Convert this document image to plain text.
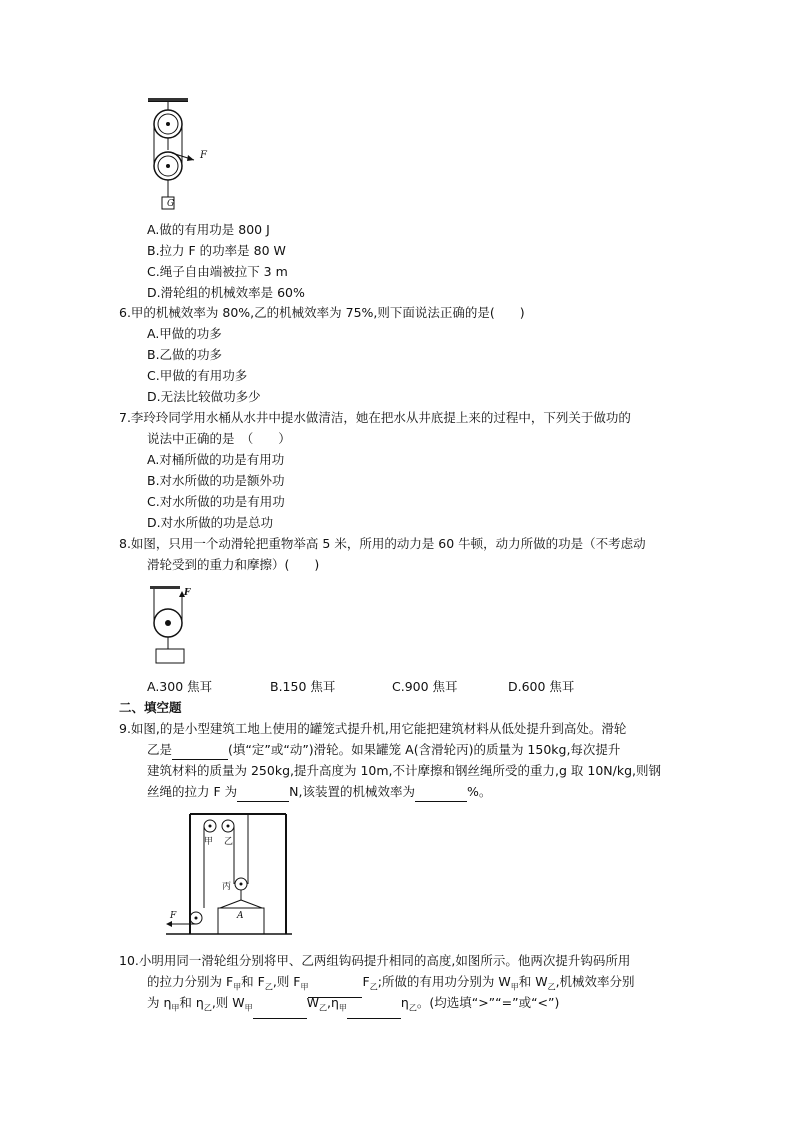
F
G
A.做的有用功是 800 J
B.拉力 F 的功率是 80 W
C.绳子自由端被拉下 3 m
D.滑轮组的机械效率是 60%
6.甲的机械效率为 80%,乙的机械效率为 75%,则下面说法正确的是(　　)
A.甲做的功多
B.乙做的功多
C.甲做的有用功多
D.无法比较做功多少
7.李玲玲同学用水桶从水井中提水做清洁，她在把水从井底提上来的过程中，下列关于做功的
说法中正确的是　（　　）
A.对桶所做的功是有用功
B.对水所做的功是额外功
C.对水所做的功是有用功
D.对水所做的功是总功
8.如图，只用一个动滑轮把重物举高 5 米，所用的动力是 60 牛顿，动力所做的功是（不考虑动
滑轮受到的重力和摩擦）(　　)
F
A.300 焦耳	B.150 焦耳	C.900 焦耳	D.600 焦耳
二、填空题
9.如图,的是小型建筑工地上使用的罐笼式提升机,用它能把建筑材料从低处提升到高处。滑轮
乙是	(填“定”或“动”)滑轮。如果罐笼 A(含滑轮丙)的质量为 150kg,每次提升
建筑材料的质量为 250kg,提升高度为 10m,不计摩擦和钢丝绳所受的重力,g 取 10N/kg,则钢
丝绳的拉力 F 为	N,该装置的机械效率为	%。
甲 乙
丙
F	A
10.小明用同一滑轮组分别将甲、乙两组钩码提升相同的高度,如图所示。他两次提升钩码所用
的拉力分别为 $F_甲$和 $F_乙$,则 $F_甲$	$F_乙$;所做的有用功分别为 $W_甲$和 $W_乙$,机械效率分别
为 $\eta_甲$和 $\eta_乙$,则 $W_甲$	$W_乙,\eta_甲$	$\eta_乙$。(均选填“>”“=”或“<”)
